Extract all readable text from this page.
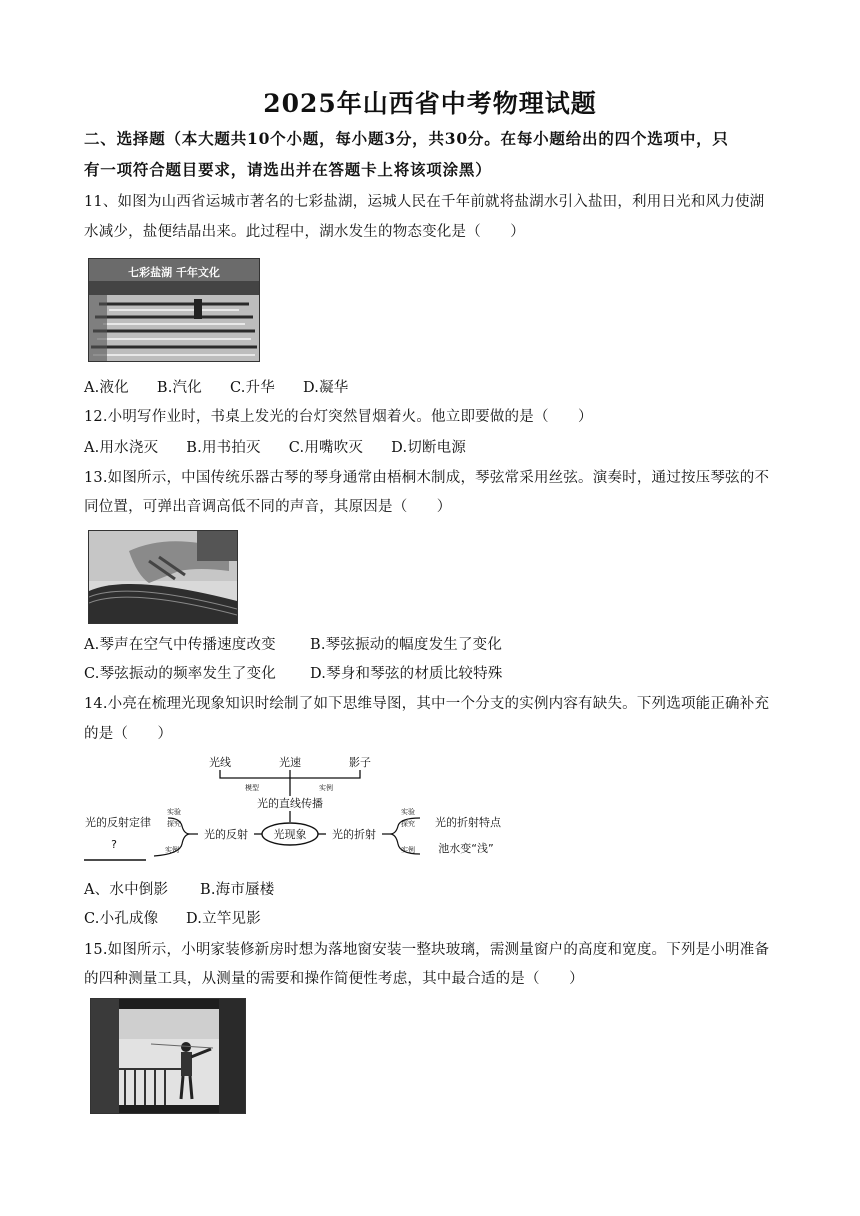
2025年山西省中考物理试题
二、选择题（本大题共10个小题，每小题3分，共30分。在每小题给出的四个选项中，只
有一项符合题目要求，请选出并在答题卡上将该项涂黑）
11、如图为山西省运城市著名的七彩盐湖，运城人民在千年前就将盐湖水引入盐田，利用日光和风力使湖
水减少，盐便结晶出来。此过程中，湖水发生的物态变化是（　　）
七彩盐湖 千年文化
A.液化 B.汽化 C.升华 D.凝华
12.小明写作业时，书桌上发光的台灯突然冒烟着火。他立即要做的是（　　）
A.用水浇灭 B.用书拍灭 C.用嘴吹灭 D.切断电源
13.如图所示，中国传统乐器古琴的琴身通常由梧桐木制成，琴弦常采用丝弦。演奏时，通过按压琴弦的不
同位置，可弹出音调高低不同的声音，其原因是（　　）
A.琴声在空气中传播速度改变 B.琴弦振动的幅度发生了变化
C.琴弦振动的频率发生了变化 D.琴身和琴弦的材质比较特殊
14.小亮在梳理光现象知识时绘制了如下思维导图，其中一个分支的实例内容有缺失。下列选项能正确补充
的是（　　）
光线	光速	影子
模型	实例
光的直线传播
光现象
光的反射
实验
探究
实例
光的反射定律
?
光的折射
实验
探究
实例
光的折射特点
池水变“浅”
A、水中倒影 B.海市蜃楼
C.小孔成像 D.立竿见影
15.如图所示，小明家装修新房时想为落地窗安装一整块玻璃，需测量窗户的高度和宽度。下列是小明准备
的四种测量工具，从测量的需要和操作简便性考虑，其中最合适的是（　　）
